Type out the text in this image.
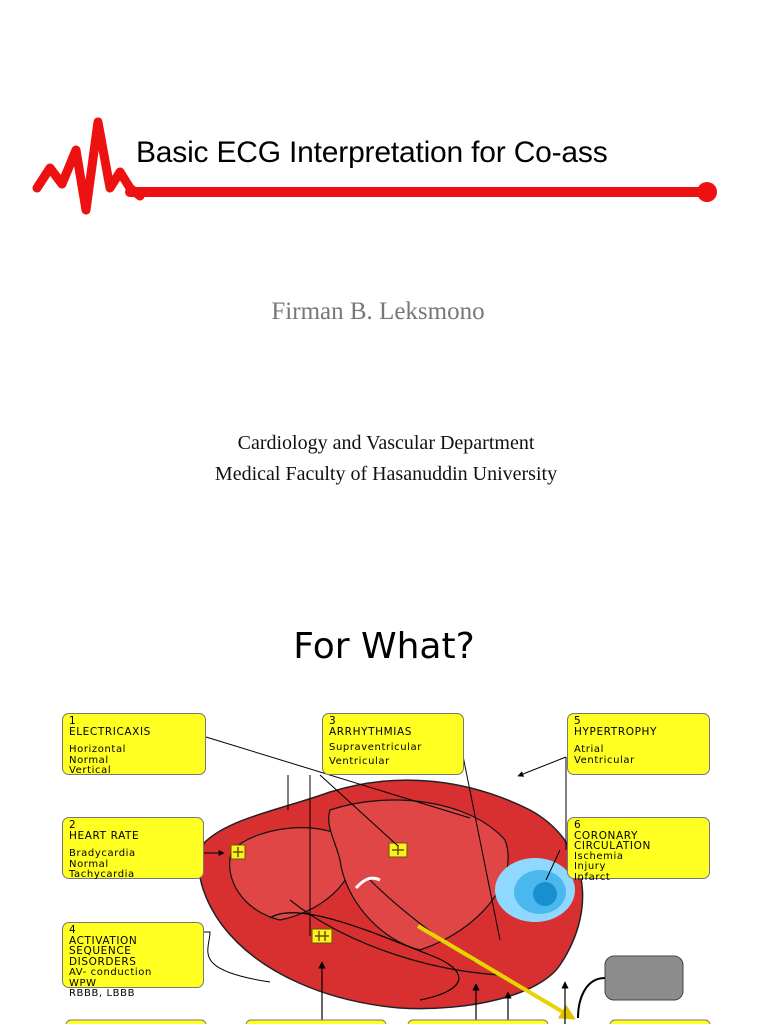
Basic ECG Interpretation for Co-ass
Firman B. Leksmono
Cardiology and Vascular Department
Medical Faculty of Hasanuddin University
For What?
1
ELECTRICAXIS
Horizontal
Normal
Vertical
2
HEART RATE
Bradycardia
Normal
Tachycardia
3
ARRHYTHMIAS
Supraventricular
Ventricular
4
ACTIVATION SEQUENCE DISORDERS
AV- conduction
WPW
RBBB, LBBB
5
HYPERTROPHY
Atrial
Ventricular
6
CORONARY CIRCULATION
Ischemia
Injury
Infarct
